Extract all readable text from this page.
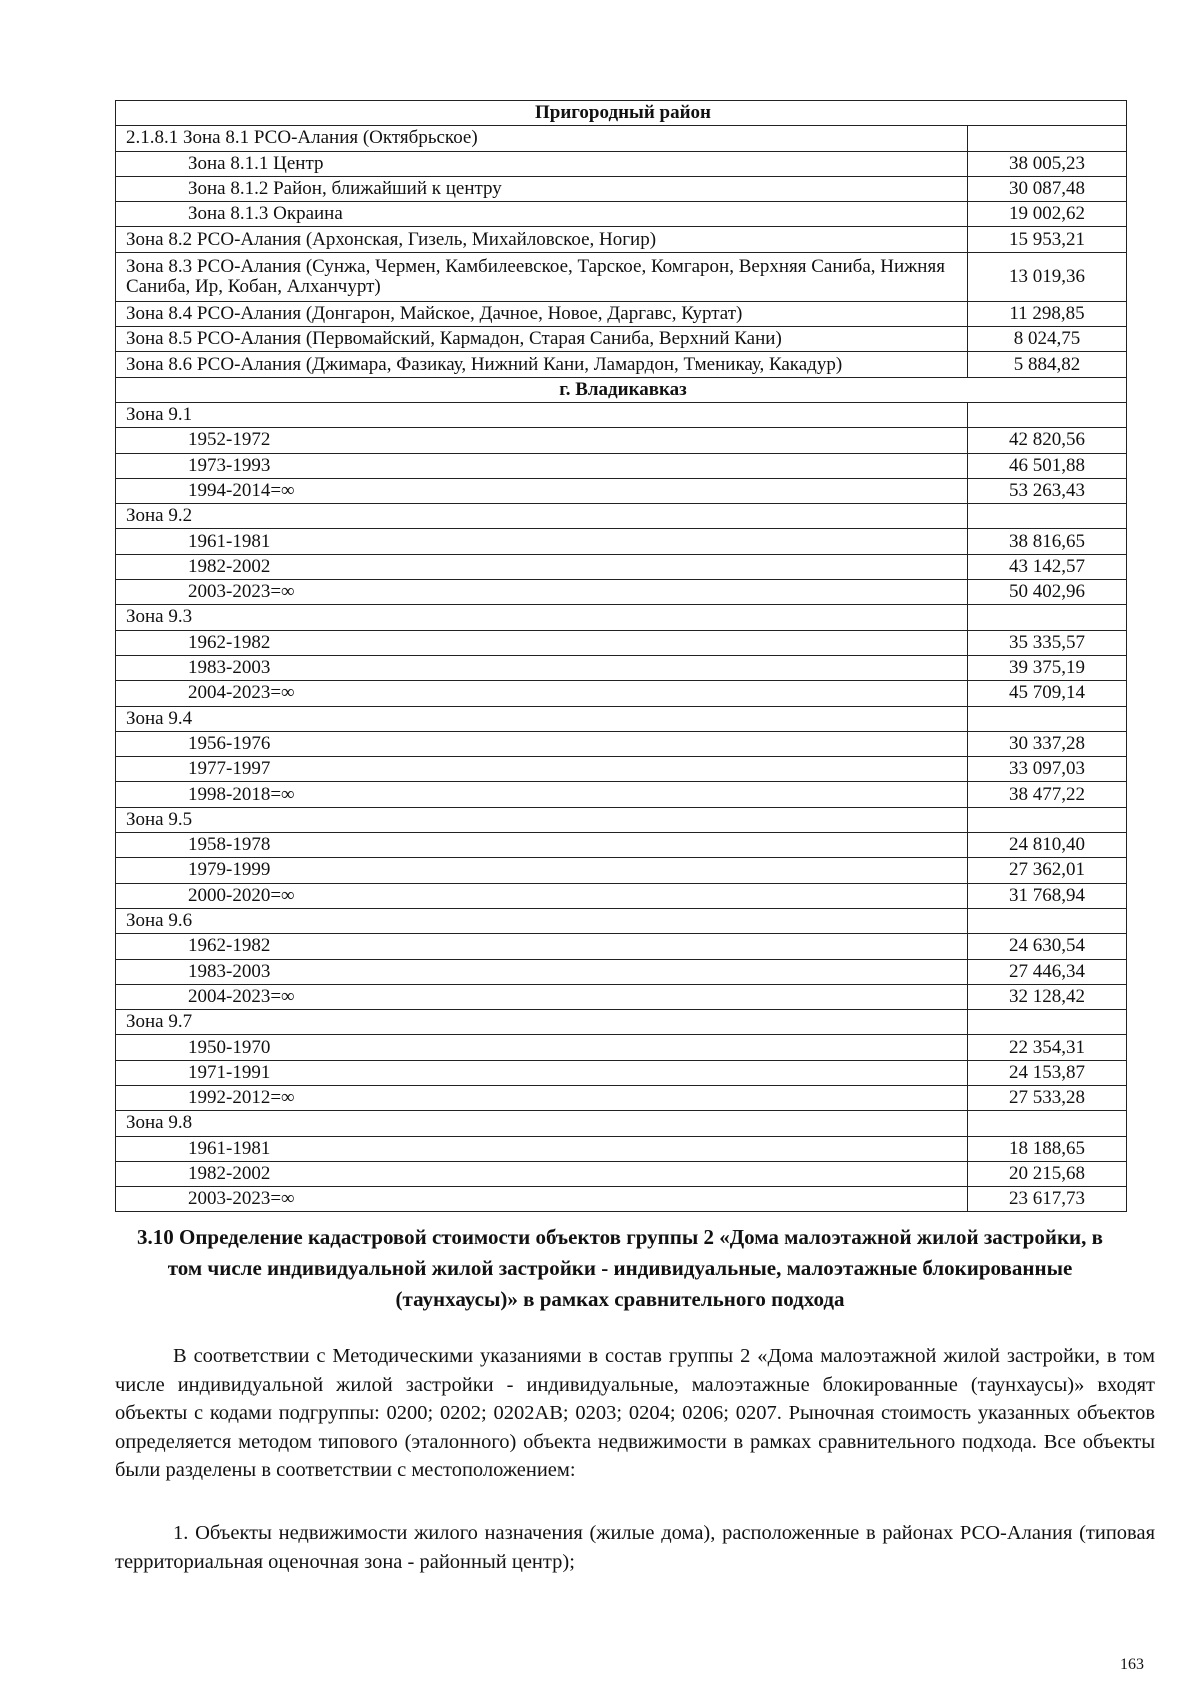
Пригородный район	
2.1.8.1 Зона 8.1 РСО-Алания (Октябрьское)	
Зона 8.1.1 Центр	38 005,23
Зона 8.1.2 Район, ближайший к центру	30 087,48
Зона 8.1.3 Окраина	19 002,62
Зона 8.2 РСО-Алания (Архонская, Гизель, Михайловское, Ногир)	15 953,21
Зона 8.3 РСО-Алания (Сунжа, Чермен, Камбилеевское, Тарское, Комгарон, Верхняя Саниба, Нижняя Саниба, Ир, Кобан, Алханчурт)	13 019,36
Зона 8.4 РСО-Алания (Донгарон, Майское, Дачное, Новое, Даргавс, Куртат)	11 298,85
Зона 8.5 РСО-Алания (Первомайский, Кармадон, Старая Саниба, Верхний Кани)	8 024,75
Зона 8.6 РСО-Алания (Джимара, Фазикау, Нижний Кани, Ламардон, Тменикау, Какадур)	5 884,82
г. Владикавказ	
Зона 9.1	
1952-1972	42 820,56
1973-1993	46 501,88
1994-2014=∞	53 263,43
Зона 9.2	
1961-1981	38 816,65
1982-2002	43 142,57
2003-2023=∞	50 402,96
Зона 9.3	
1962-1982	35 335,57
1983-2003	39 375,19
2004-2023=∞	45 709,14
Зона 9.4	
1956-1976	30 337,28
1977-1997	33 097,03
1998-2018=∞	38 477,22
Зона 9.5	
1958-1978	24 810,40
1979-1999	27 362,01
2000-2020=∞	31 768,94
Зона 9.6	
1962-1982	24 630,54
1983-2003	27 446,34
2004-2023=∞	32 128,42
Зона 9.7	
1950-1970	22 354,31
1971-1991	24 153,87
1992-2012=∞	27 533,28
Зона 9.8	
1961-1981	18 188,65
1982-2002	20 215,68
2003-2023=∞	23 617,73
3.10 Определение кадастровой стоимости объектов группы 2 «Дома малоэтажной жилой застройки, в том числе индивидуальной жилой застройки - индивидуальные, малоэтажные блокированные (таунхаусы)» в рамках сравнительного подхода

В соответствии с Методическими указаниями в состав группы 2 «Дома малоэтажной жилой застройки, в том числе индивидуальной жилой застройки - индивидуальные, малоэтажные блокированные (таунхаусы)» входят объекты с кодами подгруппы: 0200; 0202; 0202АВ; 0203; 0204; 0206; 0207. Рыночная стоимость указанных объектов определяется методом типового (эталонного) объекта недвижимости в рамках сравнительного подхода. Все объекты были разделены в соответствии с местоположением:

1. Объекты недвижимости жилого назначения (жилые дома), расположенные в районах РСО-Алания (типовая территориальная оценочная зона - районный центр);

163
